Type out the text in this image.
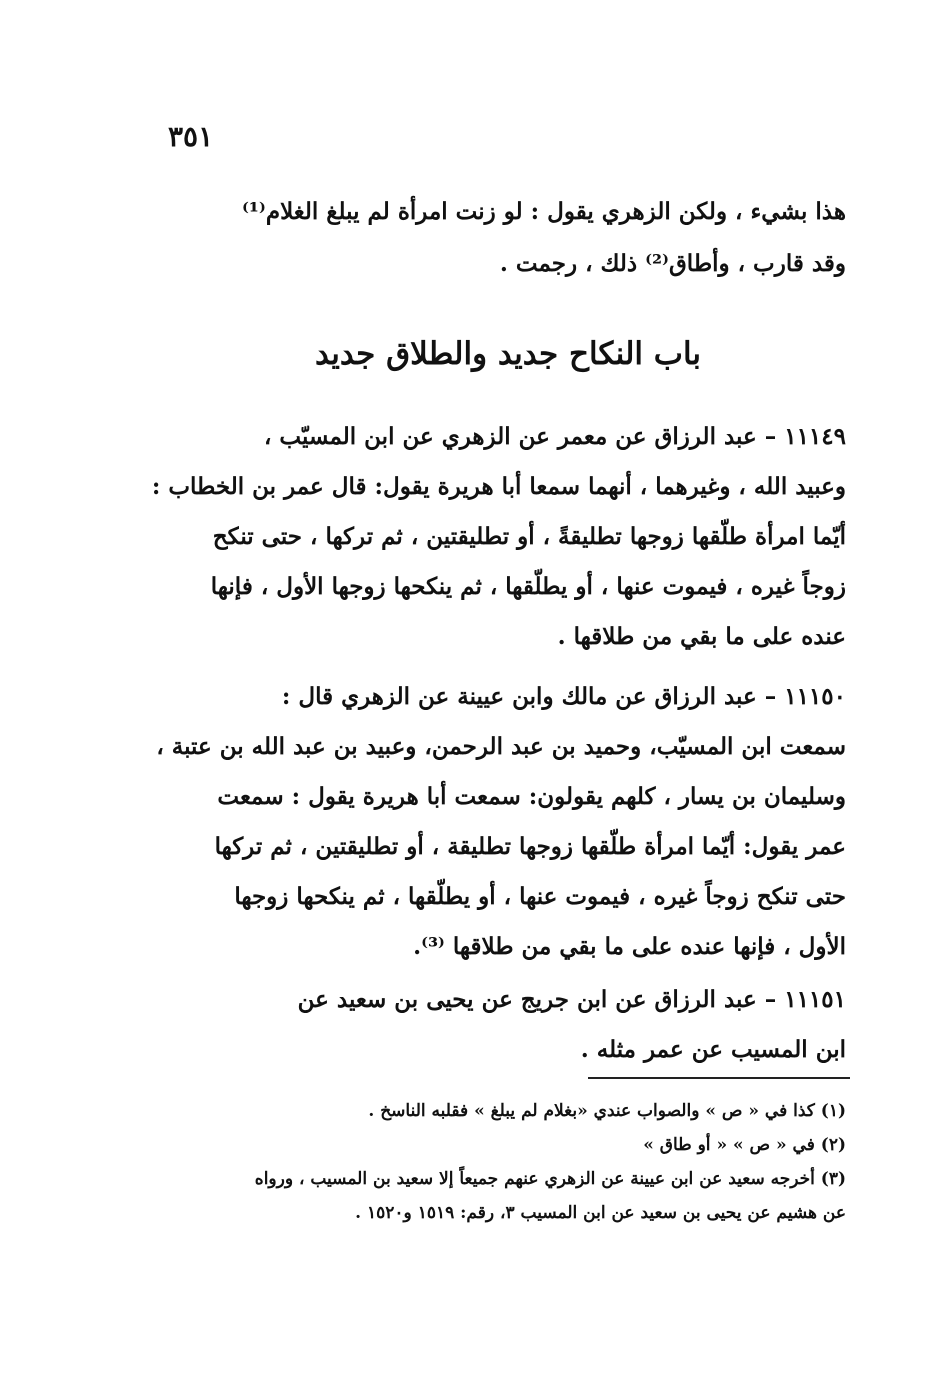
٣٥١
هذا بشيء ، ولكن الزهري يقول : لو زنت امرأة لم يبلغ الغلام⁽¹⁾
وقد قارب ، وأطاق⁽²⁾ ذلك ، رجمت .
باب النكاح جديد والطلاق جديد
١١١٤٩ – عبد الرزاق عن معمر عن الزهري عن ابن المسيّب ،
وعبيد الله ، وغيرهما ، أنهما سمعا أبا هريرة يقول: قال عمر بن الخطاب :
أيّما امرأة طلّقها زوجها تطليقةً ، أو تطليقتين ، ثم تركها ، حتى تنكح
زوجاً غيره ، فيموت عنها ، أو يطلّقها ، ثم ينكحها زوجها الأول ، فإنها
عنده على ما بقي من طلاقها .
١١١٥٠ – عبد الرزاق عن مالك وابن عيينة عن الزهري قال :
سمعت ابن المسيّب، وحميد بن عبد الرحمن، وعبيد بن عبد الله بن عتبة ،
وسليمان بن يسار ، كلهم يقولون: سمعت أبا هريرة يقول : سمعت
عمر يقول: أيّما امرأة طلّقها زوجها تطليقة ، أو تطليقتين ، ثم تركها
حتى تنكح زوجاً غيره ، فيموت عنها ، أو يطلّقها ، ثم ينكحها زوجها
الأول ، فإنها عنده على ما بقي من طلاقها ⁽³⁾.
١١١٥١ – عبد الرزاق عن ابن جريج عن يحيى بن سعيد عن
ابن المسيب عن عمر مثله .
(١) كذا في « ص » والصواب عندي «بغلام لم يبلغ » فقلبه الناسخ .
(٢) في « ص » « أو طاق »
(٣) أخرجه سعيد عن ابن عيينة عن الزهري عنهم جميعاً إلا سعيد بن المسيب ، ورواه
عن هشيم عن يحيى بن سعيد عن ابن المسيب ٣، رقم: ١٥١٩ و١٥٢٠ .
